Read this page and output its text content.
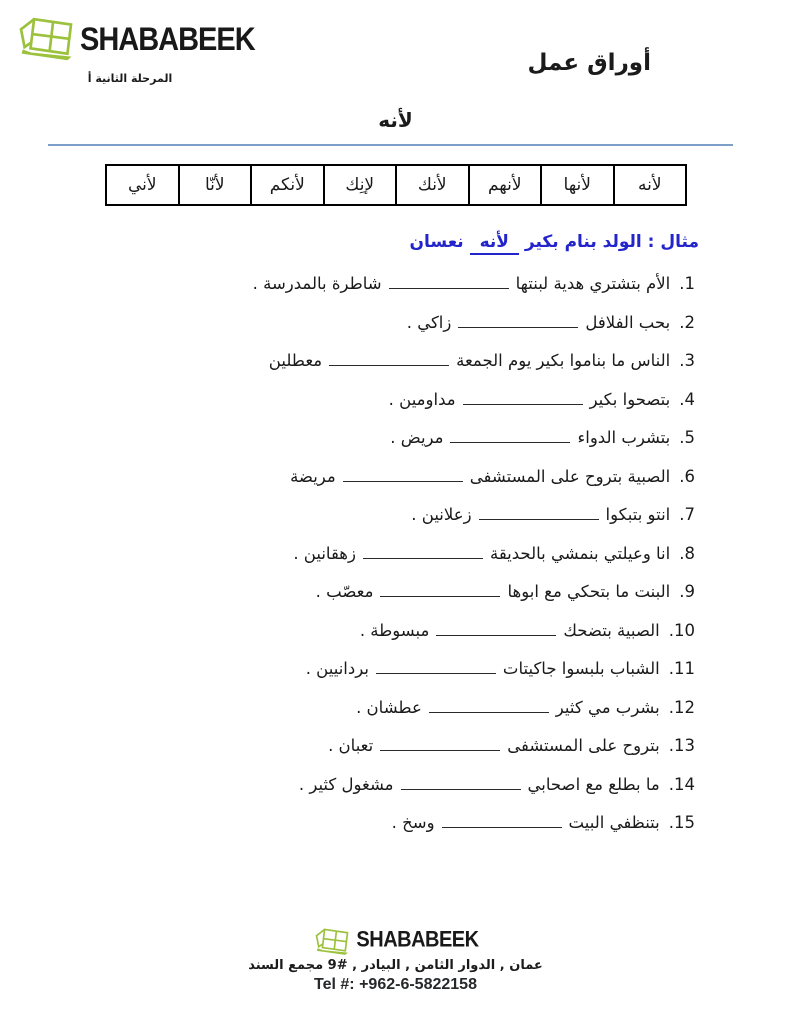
SHABABEEK
المرحلة الثانية أ
أوراق عمل
لأنه
لأنه
لأنها
لأنهم
لأنك
لإنِك
لأنكم
لأنّا
لأني
مثال : الولد بنام بكير لأنه نعسان
1.الأم بتشتري هدية لبنتهاشاطرة بالمدرسة .
2.بحب الفلافلزاكي .
3.الناس ما بناموا بكير يوم الجمعةمعطلين
4.بتصحوا بكيرمداومين .
5.بتشرب الدواءمريض .
6.الصبية بتروح على المستشفىمريضة
7.انتو بتبكوازعلانين .
8.انا وعيلتي بنمشي بالحديقةزهقانين .
9.البنت ما بتحكي مع ابوهامعصّب .
10.الصبية بتضحكمبسوطة .
11.الشباب بلبسوا جاكيتاتبردانيين .
12.بشرب مي كثيرعطشان .
13.بتروح على المستشفىتعبان .
14.ما بطلع مع اصحابيمشغول كثير .
15.بتنظفي البيتوسخ .
SHABABEEK
عمان , الدوار الثامن , البيادر , #9 مجمع السند
Tel #: +962-6-5822158
